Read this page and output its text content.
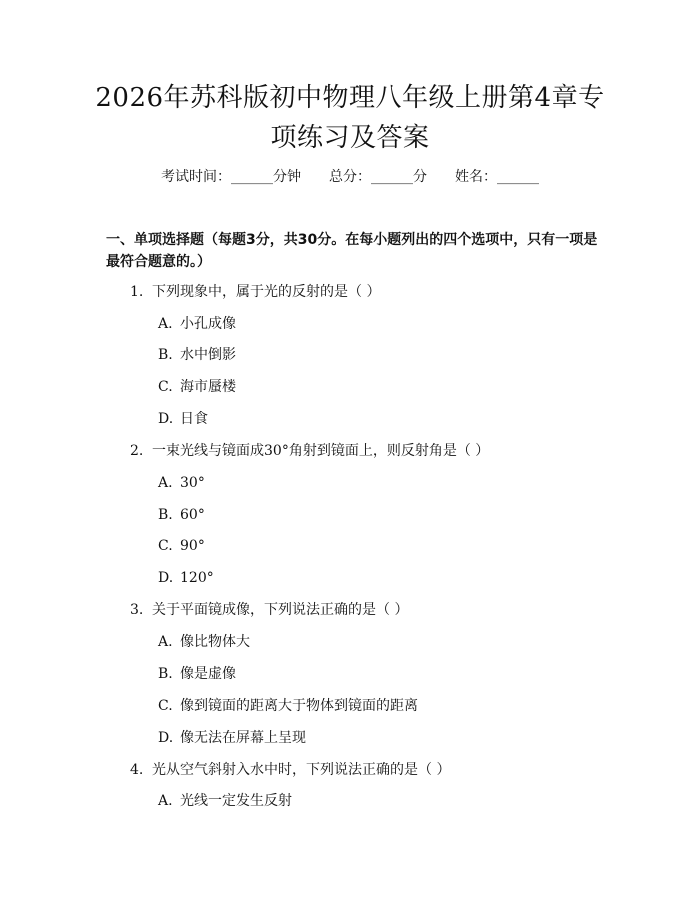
2026年苏科版初中物理八年级上册第4章专
项练习及答案
考试时间：______分钟 总分：______分 姓名：______
一、单项选择题（每题3分，共30分。在每小题列出的四个选项中，只有一项是最符合题意的。）
1. 下列现象中，属于光的反射的是（ ）
A. 小孔成像
B. 水中倒影
C. 海市蜃楼
D. 日食
2. 一束光线与镜面成30°角射到镜面上，则反射角是（ ）
A. 30°
B. 60°
C. 90°
D. 120°
3. 关于平面镜成像，下列说法正确的是（ ）
A. 像比物体大
B. 像是虚像
C. 像到镜面的距离大于物体到镜面的距离
D. 像无法在屏幕上呈现
4. 光从空气斜射入水中时，下列说法正确的是（ ）
A. 光线一定发生反射
